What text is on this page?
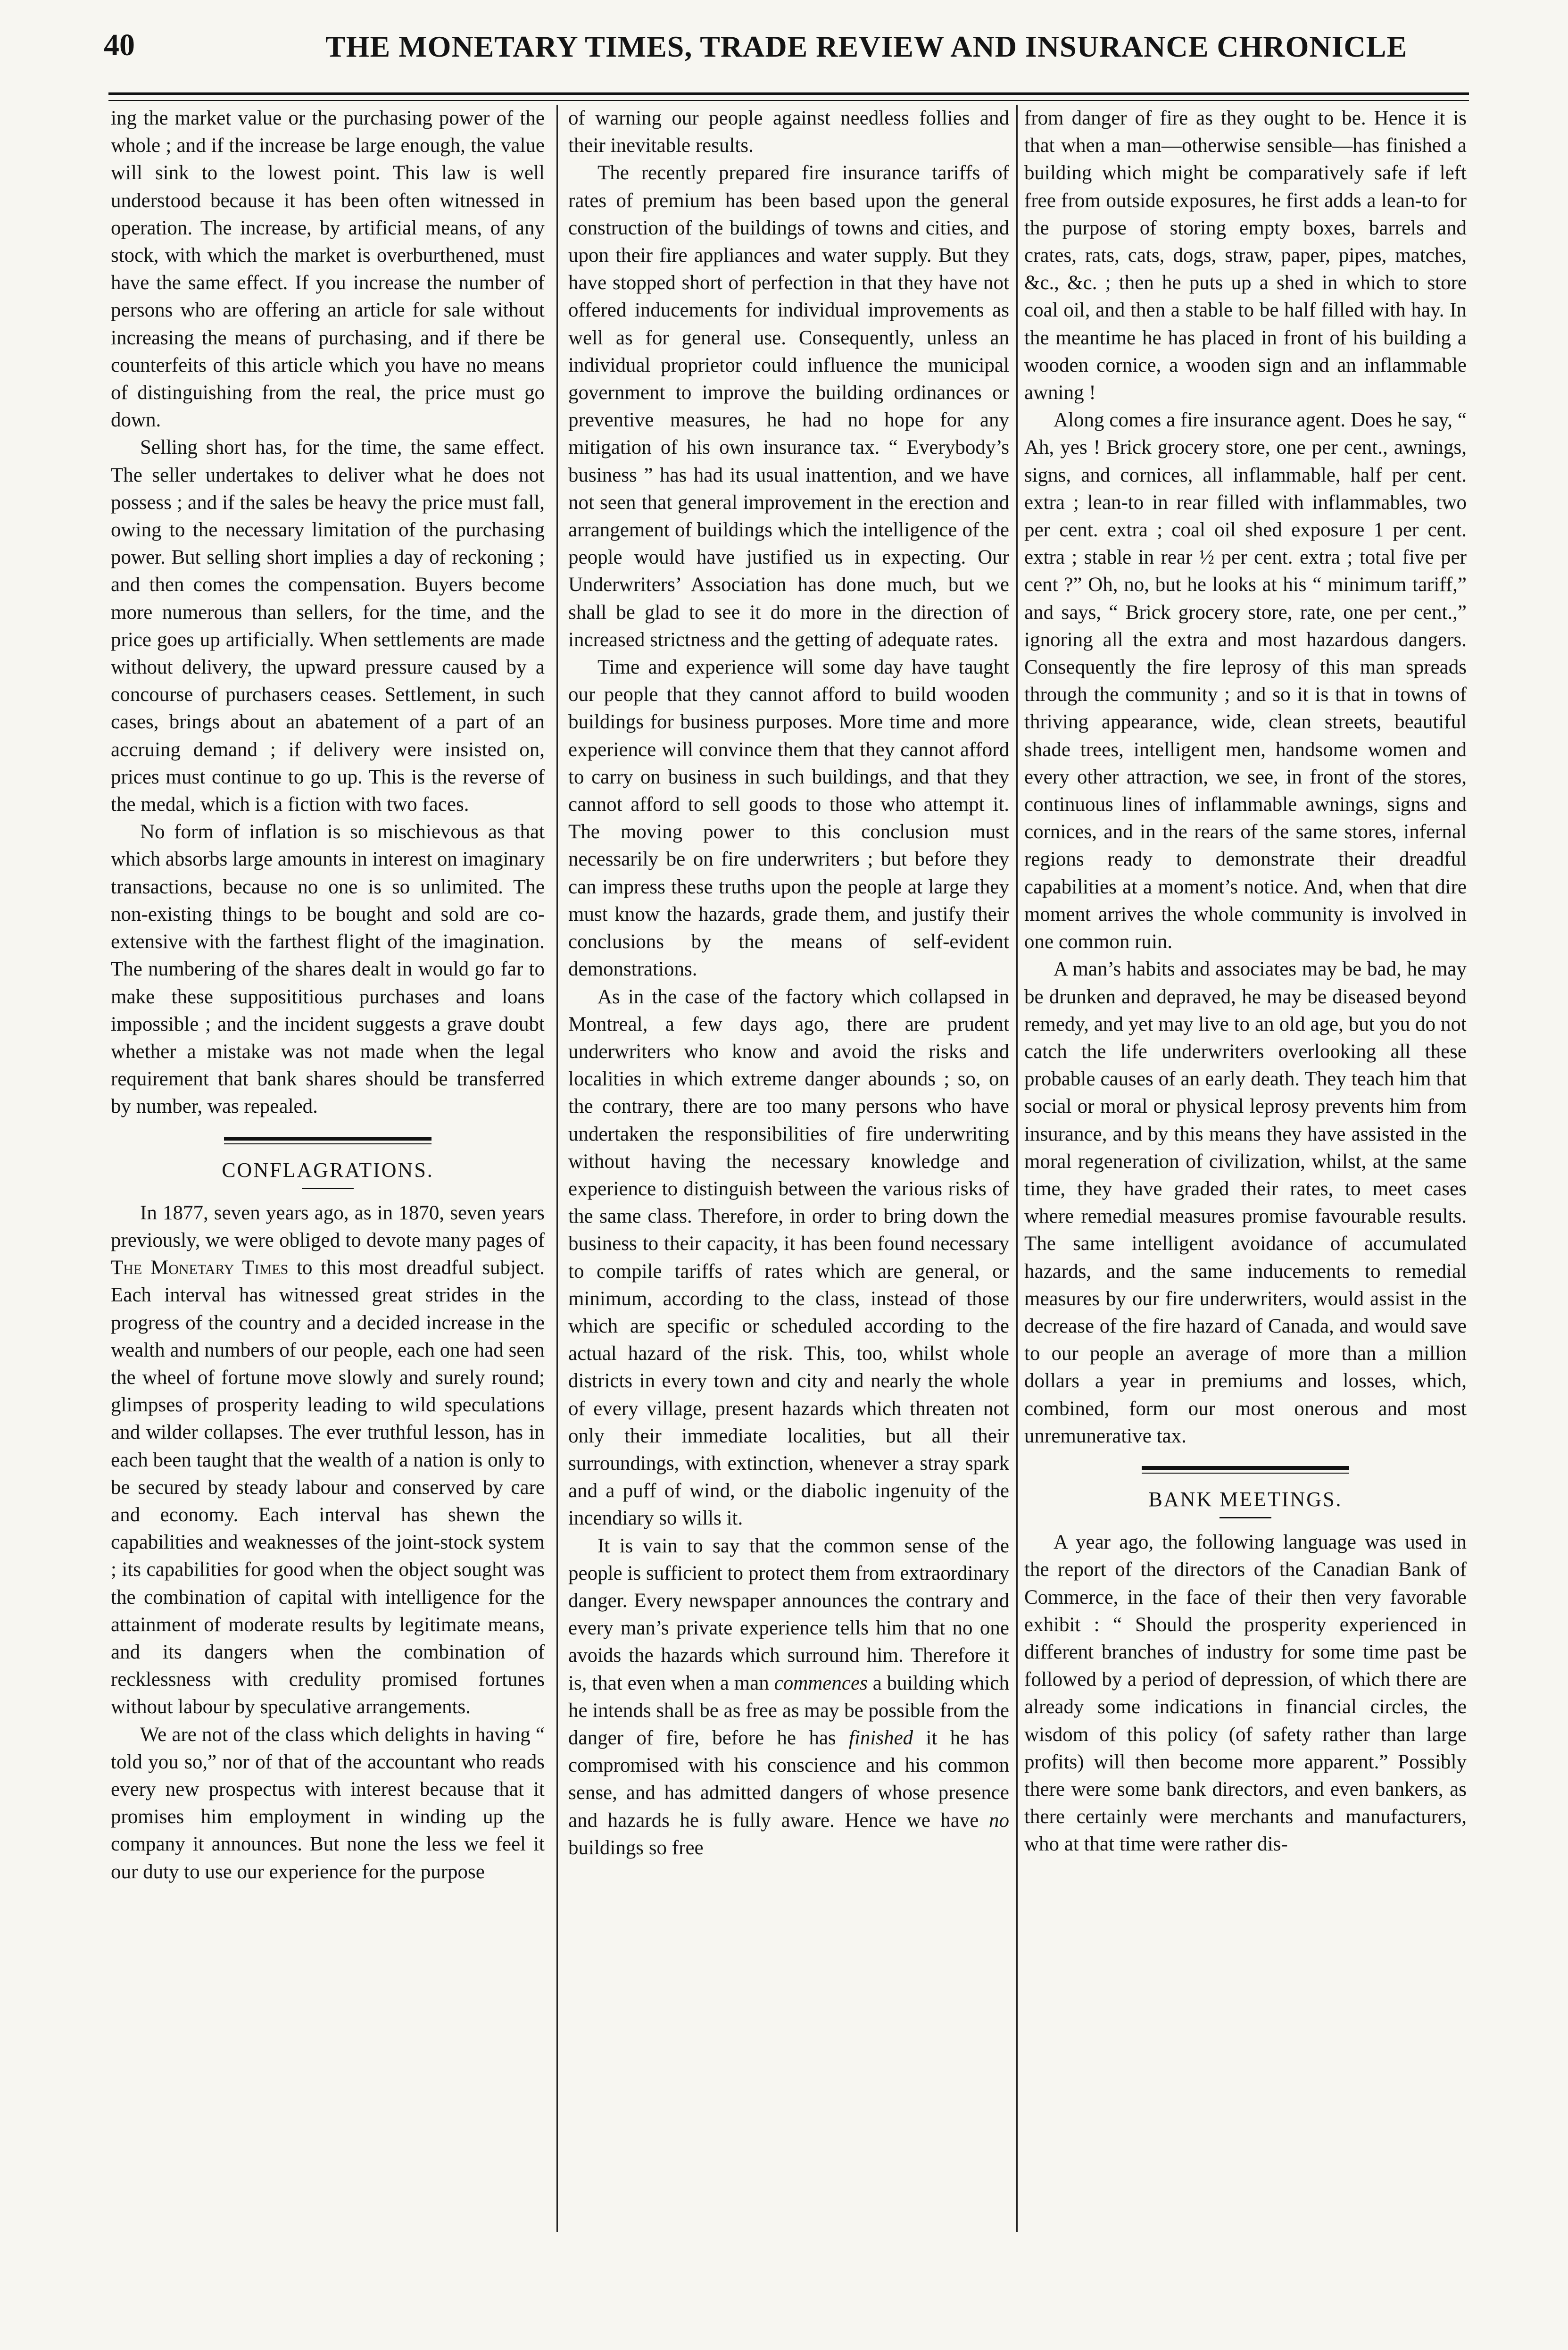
40	THE MONETARY TIMES, TRADE REVIEW AND INSURANCE CHRONICLE

ing the market value or the purchasing power of the whole ; and if the increase be large enough, the value will sink to the lowest point. This law is well understood because it has been often witnessed in operation. The increase, by artificial means, of any stock, with which the market is overburthened, must have the same effect. If you increase the number of persons who are offering an article for sale without increasing the means of purchasing, and if there be counterfeits of this article which you have no means of distinguishing from the real, the price must go down.

Selling short has, for the time, the same effect. The seller undertakes to deliver what he does not possess ; and if the sales be heavy the price must fall, owing to the necessary limitation of the purchasing power. But selling short implies a day of reckoning ; and then comes the compensation. Buyers become more numerous than sellers, for the time, and the price goes up artificially. When settlements are made without delivery, the upward pressure caused by a concourse of purchasers ceases. Settlement, in such cases, brings about an abatement of a part of an accruing demand ; if delivery were insisted on, prices must continue to go up. This is the reverse of the medal, which is a fiction with two faces.

No form of inflation is so mischievous as that which absorbs large amounts in interest on imaginary transactions, because no one is so unlimited. The non-existing things to be bought and sold are co-extensive with the farthest flight of the imagination. The numbering of the shares dealt in would go far to make these supposititious purchases and loans impossible ; and the incident suggests a grave doubt whether a mistake was not made when the legal requirement that bank shares should be transferred by number, was repealed.

CONFLAGRATIONS.

In 1877, seven years ago, as in 1870, seven years previously, we were obliged to devote many pages of The Monetary Times to this most dreadful subject. Each interval has witnessed great strides in the progress of the country and a decided increase in the wealth and numbers of our people, each one had seen the wheel of fortune move slowly and surely round; glimpses of prosperity leading to wild speculations and wilder collapses. The ever truthful lesson, has in each been taught that the wealth of a nation is only to be secured by steady labour and conserved by care and economy. Each interval has shewn the capabilities and weaknesses of the joint-stock system ; its capabilities for good when the object sought was the combination of capital with intelligence for the attainment of moderate results by legitimate means, and its dangers when the combination of recklessness with credulity promised fortunes without labour by speculative arrangements.

We are not of the class which delights in having “ told you so,” nor of that of the accountant who reads every new prospectus with interest because that it promises him employment in winding up the company it announces. But none the less we feel it our duty to use our experience for the purpose

of warning our people against needless follies and their inevitable results.

The recently prepared fire insurance tariffs of rates of premium has been based upon the general construction of the buildings of towns and cities, and upon their fire appliances and water supply. But they have stopped short of perfection in that they have not offered inducements for individual improvements as well as for general use. Consequently, unless an individual proprietor could influence the municipal government to improve the building ordinances or preventive measures, he had no hope for any mitigation of his own insurance tax. “ Everybody’s business ” has had its usual inattention, and we have not seen that general improvement in the erection and arrangement of buildings which the intelligence of the people would have justified us in expecting. Our Underwriters’ Association has done much, but we shall be glad to see it do more in the direction of increased strictness and the getting of adequate rates.

Time and experience will some day have taught our people that they cannot afford to build wooden buildings for business purposes. More time and more experience will convince them that they cannot afford to carry on business in such buildings, and that they cannot afford to sell goods to those who attempt it. The moving power to this conclusion must necessarily be on fire underwriters ; but before they can impress these truths upon the people at large they must know the hazards, grade them, and justify their conclusions by the means of self-evident demonstrations.

As in the case of the factory which collapsed in Montreal, a few days ago, there are prudent underwriters who know and avoid the risks and localities in which extreme danger abounds ; so, on the contrary, there are too many persons who have undertaken the responsibilities of fire underwriting without having the necessary knowledge and experience to distinguish between the various risks of the same class. Therefore, in order to bring down the business to their capacity, it has been found necessary to compile tariffs of rates which are general, or minimum, according to the class, instead of those which are specific or scheduled according to the actual hazard of the risk. This, too, whilst whole districts in every town and city and nearly the whole of every village, present hazards which threaten not only their immediate localities, but all their surroundings, with extinction, whenever a stray spark and a puff of wind, or the diabolic ingenuity of the incendiary so wills it.

It is vain to say that the common sense of the people is sufficient to protect them from extraordinary danger. Every newspaper announces the contrary and every man’s private experience tells him that no one avoids the hazards which surround him. Therefore it is, that even when a man commences a building which he intends shall be as free as may be possible from the danger of fire, before he has finished it he has compromised with his conscience and his common sense, and has admitted dangers of whose presence and hazards he is fully aware. Hence we have no buildings so free

from danger of fire as they ought to be. Hence it is that when a man—otherwise sensible—has finished a building which might be comparatively safe if left free from outside exposures, he first adds a lean-to for the purpose of storing empty boxes, barrels and crates, rats, cats, dogs, straw, paper, pipes, matches, &c., &c. ; then he puts up a shed in which to store coal oil, and then a stable to be half filled with hay. In the meantime he has placed in front of his building a wooden cornice, a wooden sign and an inflammable awning !

Along comes a fire insurance agent. Does he say, “ Ah, yes ! Brick grocery store, one per cent., awnings, signs, and cornices, all inflammable, half per cent. extra ; lean-to in rear filled with inflammables, two per cent. extra ; coal oil shed exposure 1 per cent. extra ; stable in rear ½ per cent. extra ; total five per cent ?” Oh, no, but he looks at his “ minimum tariff,” and says, “ Brick grocery store, rate, one per cent.,” ignoring all the extra and most hazardous dangers. Consequently the fire leprosy of this man spreads through the community ; and so it is that in towns of thriving appearance, wide, clean streets, beautiful shade trees, intelligent men, handsome women and every other attraction, we see, in front of the stores, continuous lines of inflammable awnings, signs and cornices, and in the rears of the same stores, infernal regions ready to demonstrate their dreadful capabilities at a moment’s notice. And, when that dire moment arrives the whole community is involved in one common ruin.

A man’s habits and associates may be bad, he may be drunken and depraved, he may be diseased beyond remedy, and yet may live to an old age, but you do not catch the life underwriters overlooking all these probable causes of an early death. They teach him that social or moral or physical leprosy prevents him from insurance, and by this means they have assisted in the moral regeneration of civilization, whilst, at the same time, they have graded their rates, to meet cases where remedial measures promise favourable results. The same intelligent avoidance of accumulated hazards, and the same inducements to remedial measures by our fire underwriters, would assist in the decrease of the fire hazard of Canada, and would save to our people an average of more than a million dollars a year in premiums and losses, which, combined, form our most onerous and most unremunerative tax.

BANK MEETINGS.

A year ago, the following language was used in the report of the directors of the Canadian Bank of Commerce, in the face of their then very favorable exhibit : “ Should the prosperity experienced in different branches of industry for some time past be followed by a period of depression, of which there are already some indications in financial circles, the wisdom of this policy (of safety rather than large profits) will then become more apparent.” Possibly there were some bank directors, and even bankers, as there certainly were merchants and manufacturers, who at that time were rather dis-
